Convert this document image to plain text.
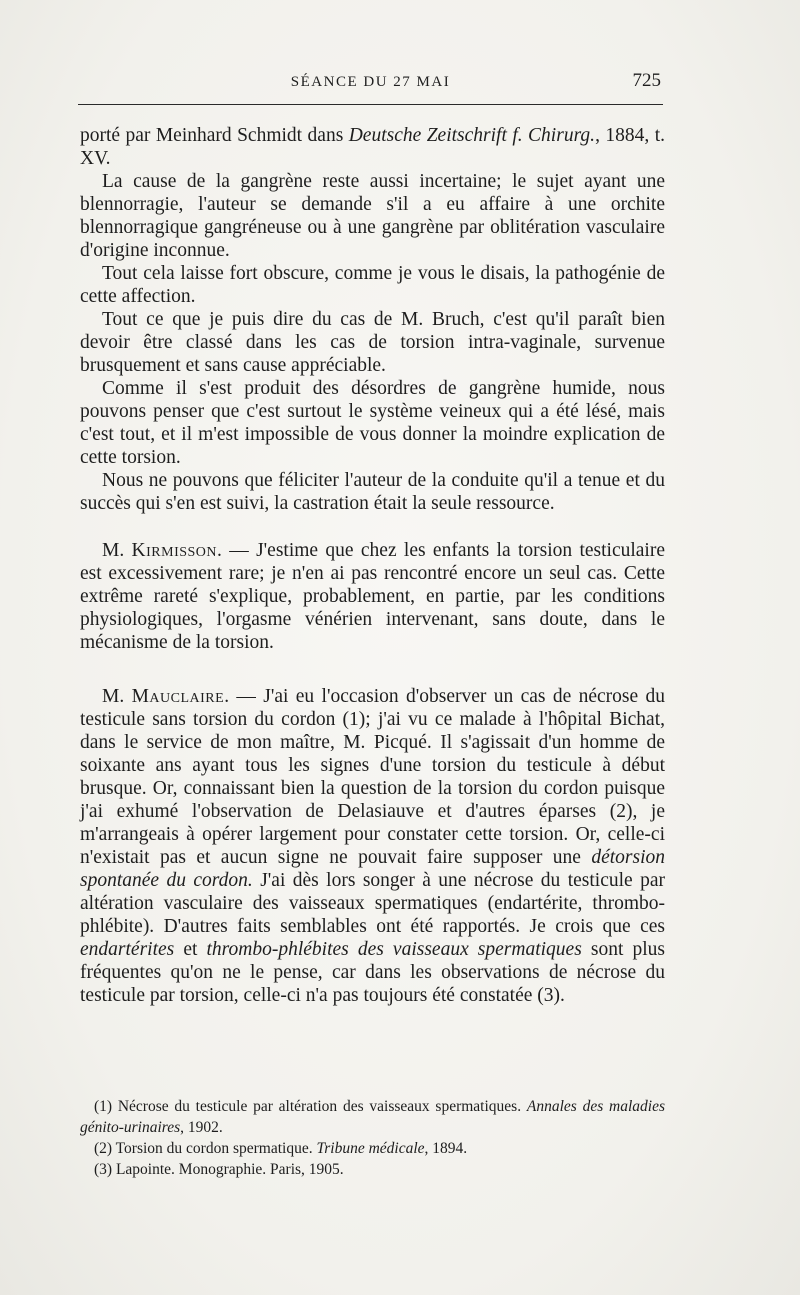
SÉANCE DU 27 MAI	725

porté par Meinhard Schmidt dans Deutsche Zeitschrift f. Chirurg., 1884, t. XV.

La cause de la gangrène reste aussi incertaine; le sujet ayant une blennorragie, l'auteur se demande s'il a eu affaire à une orchite blennorragique gangréneuse ou à une gangrène par oblitération vasculaire d'origine inconnue.

Tout cela laisse fort obscure, comme je vous le disais, la pathogénie de cette affection.

Tout ce que je puis dire du cas de M. Bruch, c'est qu'il paraît bien devoir être classé dans les cas de torsion intra-vaginale, survenue brusquement et sans cause appréciable.

Comme il s'est produit des désordres de gangrène humide, nous pouvons penser que c'est surtout le système veineux qui a été lésé, mais c'est tout, et il m'est impossible de vous donner la moindre explication de cette torsion.

Nous ne pouvons que féliciter l'auteur de la conduite qu'il a tenue et du succès qui s'en est suivi, la castration était la seule ressource.

M. Kirmisson. — J'estime que chez les enfants la torsion testiculaire est excessivement rare; je n'en ai pas rencontré encore un seul cas. Cette extrême rareté s'explique, probablement, en partie, par les conditions physiologiques, l'orgasme vénérien intervenant, sans doute, dans le mécanisme de la torsion.

M. Mauclaire. — J'ai eu l'occasion d'observer un cas de nécrose du testicule sans torsion du cordon (1); j'ai vu ce malade à l'hôpital Bichat, dans le service de mon maître, M. Picqué. Il s'agissait d'un homme de soixante ans ayant tous les signes d'une torsion du testicule à début brusque. Or, connaissant bien la question de la torsion du cordon puisque j'ai exhumé l'observation de Delasiauve et d'autres éparses (2), je m'arrangeais à opérer largement pour constater cette torsion. Or, celle-ci n'existait pas et aucun signe ne pouvait faire supposer une détorsion spontanée du cordon. J'ai dès lors songer à une nécrose du testicule par altération vasculaire des vaisseaux spermatiques (endartérite, thrombo-phlébite). D'autres faits semblables ont été rapportés. Je crois que ces endartérites et thrombo-phlébites des vaisseaux spermatiques sont plus fréquentes qu'on ne le pense, car dans les observations de nécrose du testicule par torsion, celle-ci n'a pas toujours été constatée (3).

(1) Nécrose du testicule par altération des vaisseaux spermatiques. Annales des maladies génito-urinaires, 1902.

(2) Torsion du cordon spermatique. Tribune médicale, 1894.

(3) Lapointe. Monographie. Paris, 1905.
